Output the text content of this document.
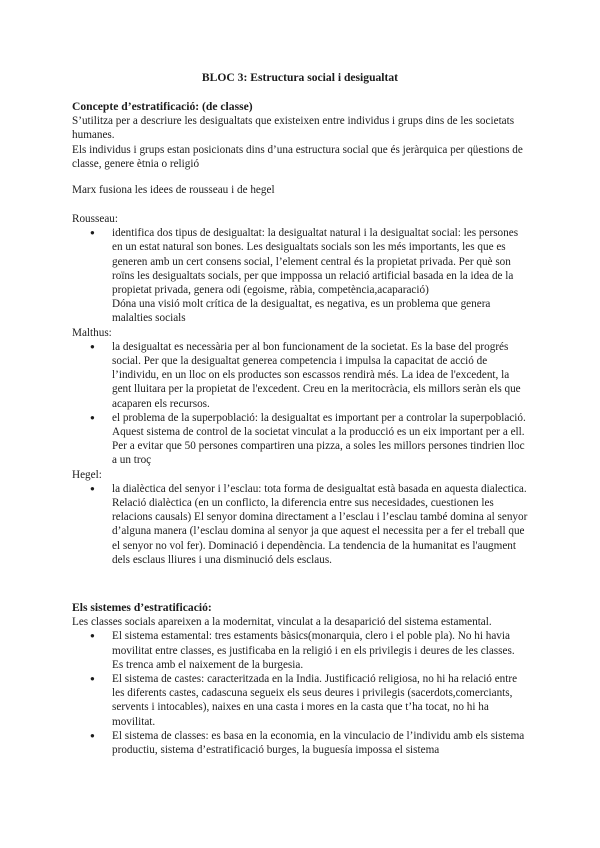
BLOC 3: Estructura social i desigualtat

Concepte d’estratificació: (de classe)

S’utilitza per a descriure les desigualtats que existeixen entre individus i grups dins de les societats humanes.

Els individus i grups estan posicionats dins d’una estructura social que és jeràrquica per qüestions de classe, genere ètnia o religió

Marx fusiona les idees de rousseau i de hegel

Rousseau:

● identifica dos tipus de desigualtat: la desigualtat natural i la desigualtat social: les persones en un estat natural son bones. Les desigualtats socials son les més importants, les que es generen amb un cert consens social, l’element central és la propietat privada. Per què son roïns les desigualtats socials, per que imppossa un relació artificial basada en la idea de la propietat privada, genera odi (egoisme, ràbia, competència,acaparació)

Dóna una visió molt crítica de la desigualtat, es negativa, es un problema que genera malalties socials

Malthus:

● la desigualtat es necessària per al bon funcionament de la societat. Es la base del progrés social. Per que la desigualtat generea competencia i impulsa la capacitat de acció de l’individu, en un lloc on els productes son escassos rendirà més. La idea de l'excedent, la gent lluitara per la propietat de l'excedent. Creu en la meritocràcia, els millors seràn els que acaparen els recursos.
● el problema de la superpoblació: la desigualtat es important per a controlar la superpoblació. Aquest sistema de control de la societat vinculat a la producció es un eix important per a ell. Per a evitar que 50 persones compartiren una pizza, a soles les millors persones tindrien lloc a un troç

Hegel:

● la dialèctica del senyor i l’esclau: tota forma de desigualtat està basada en aquesta dialectica. Relació dialèctica (en un conflicto, la diferencia entre sus necesidades, cuestionen les relacions causals) El senyor domina directament a l’esclau i l’esclau també domina al senyor d’alguna manera (l’esclau domina al senyor ja que aquest el necessita per a fer el treball que el senyor no vol fer). Dominació i dependència. La tendencia de la humanitat es l'augment dels esclaus lliures i una disminució dels esclaus.

Els sistemes d’estratificació:

Les classes socials apareixen a la modernitat, vinculat a la desaparició del sistema estamental.

● El sistema estamental: tres estaments bàsics(monarquia, clero i el poble pla). No hi havia movilitat entre classes, es justificaba en la religió i en els privilegis i deures de les classes. Es trenca amb el naixement de la burgesia.
● El sistema de castes: caracteritzada en la India. Justificació religiosa, no hi ha relació entre les diferents castes, cadascuna segueix els seus deures i privilegis (sacerdots,comerciants, servents i intocables), naixes en una casta i mores en la casta que t’ha tocat, no hi ha movilitat.
● El sistema de classes: es basa en la economia, en la vinculacio de l’individu amb els sistema productiu, sistema d’estratificació burges, la buguesía impossa el sistema
